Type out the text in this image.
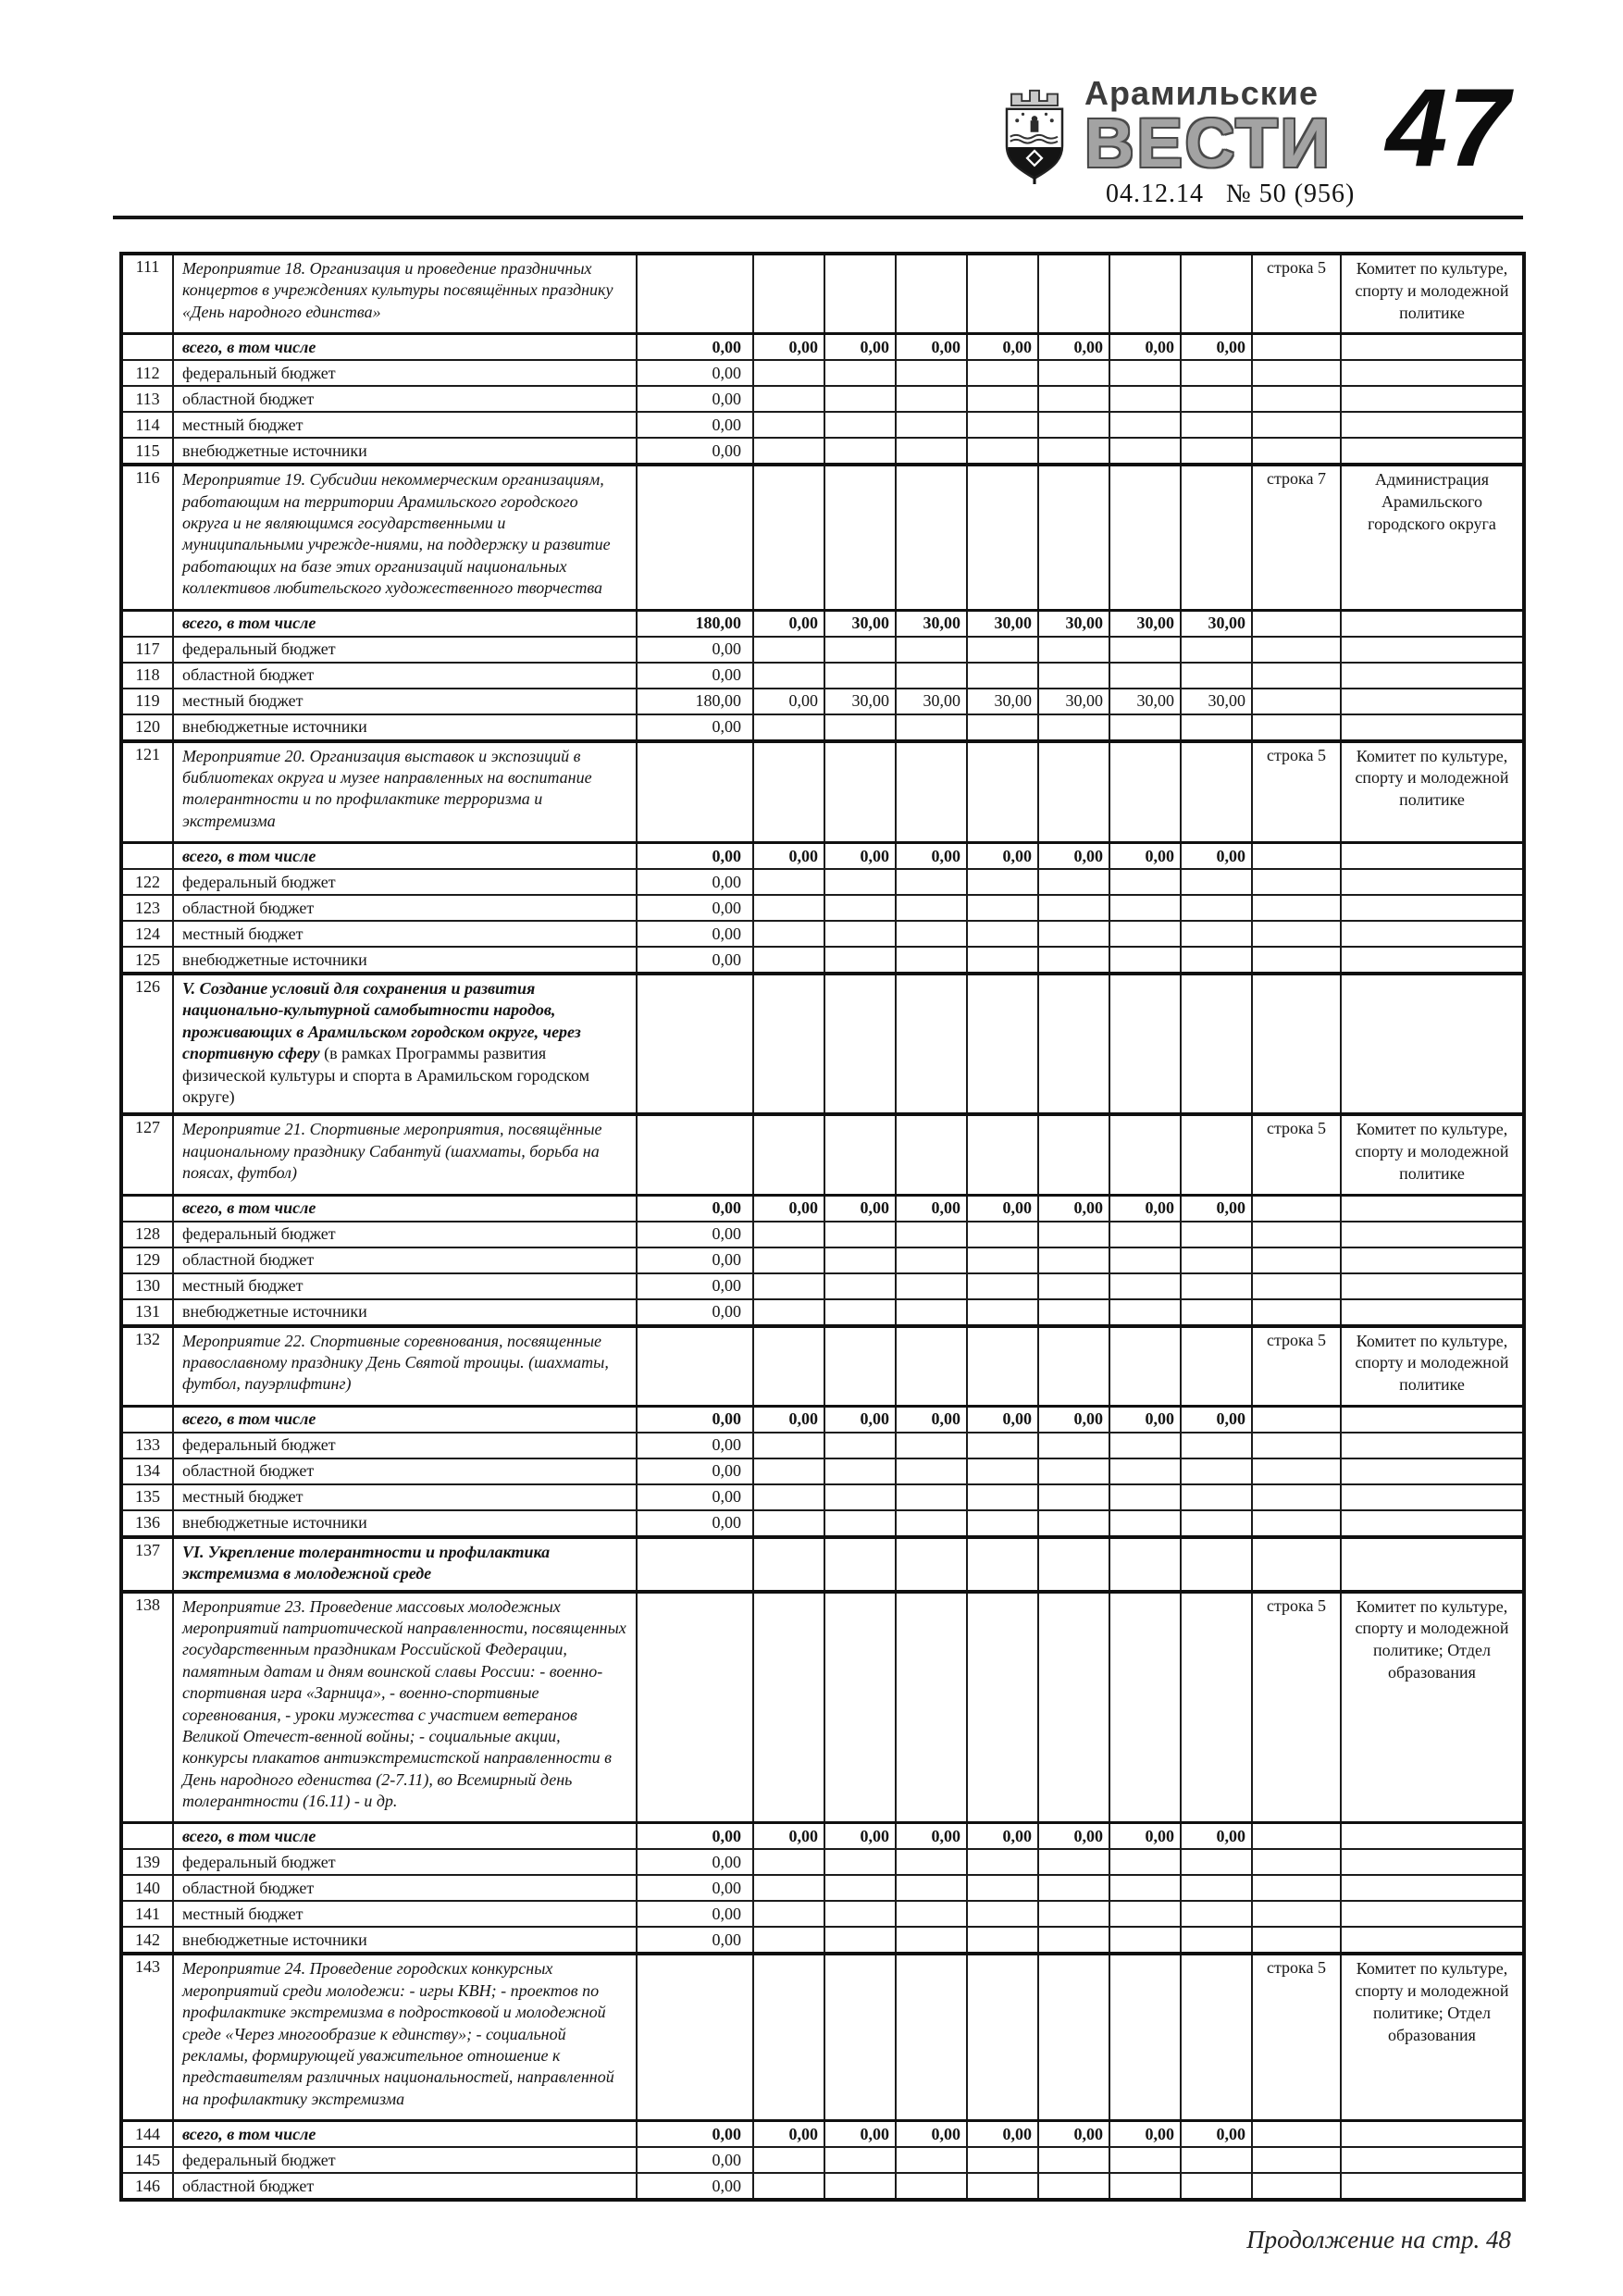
Арамильские
ВЕСТИ 47
04.12.14   № 50 (956)
111	Мероприятие 18. Организация и проведение праздничных концертов в учреждениях культуры посвящённых празднику «День народного единства»									строка 5	Комитет по культуре, спорту и молодежной политике
	всего, в том числе	0,00	0,00	0,00	0,00	0,00	0,00	0,00	0,00		
112	федеральный бюджет	0,00									
113	областной бюджет	0,00									
114	местный бюджет	0,00									
115	внебюджетные источники	0,00									
116	Мероприятие 19. Субсидии некоммерческим организациям, работающим на территории Арамильского городского округа и не являющимся государственными и муниципальными учрежде-ниями, на поддержку и развитие работающих на базе этих организаций национальных коллективов любительского художественного творчества									строка 7	Администрация Арамильского городского округа
	всего, в том числе	180,00	0,00	30,00	30,00	30,00	30,00	30,00	30,00		
117	федеральный бюджет	0,00									
118	областной бюджет	0,00									
119	местный бюджет	180,00	0,00	30,00	30,00	30,00	30,00	30,00	30,00		
120	внебюджетные источники	0,00									
121	Мероприятие 20. Организация выставок и экспозиций в библиотеках округа и музее направленных на воспитание толерантности и по профилактике терроризма и экстремизма									строка 5	Комитет по культуре, спорту и молодежной политике
	всего, в том числе	0,00	0,00	0,00	0,00	0,00	0,00	0,00	0,00		
122	федеральный бюджет	0,00									
123	областной бюджет	0,00									
124	местный бюджет	0,00									
125	внебюджетные источники	0,00									
126	V. Создание условий для сохранения и развития национально-культурной самобытности народов, проживающих в Арамильском городском округе, через спортивную сферу (в рамках Программы развития физической культуры и спорта в Арамильском городском округе)										
127	Мероприятие 21. Спортивные мероприятия, посвящённые национальному празднику Сабантуй (шахматы, борьба на поясах, футбол)									строка 5	Комитет по культуре, спорту и молодежной политике
	всего, в том числе	0,00	0,00	0,00	0,00	0,00	0,00	0,00	0,00		
128	федеральный бюджет	0,00									
129	областной бюджет	0,00									
130	местный бюджет	0,00									
131	внебюджетные источники	0,00									
132	Мероприятие 22. Спортивные соревнования, посвященные православному празднику День Святой троицы. (шахматы, футбол, пауэрлифтинг)									строка 5	Комитет по культуре, спорту и молодежной политике
	всего, в том числе	0,00	0,00	0,00	0,00	0,00	0,00	0,00	0,00		
133	федеральный бюджет	0,00									
134	областной бюджет	0,00									
135	местный бюджет	0,00									
136	внебюджетные источники	0,00									
137	VI. Укрепление толерантности и профилактика экстремизма в молодежной среде										
138	Мероприятие 23. Проведение массовых молодежных мероприятий патриотической направленности, посвященных государственным праздникам Российской Федерации, памятным датам и дням воинской славы России: - военно-спортивная игра «Зарница», - военно-спортивные соревнования, - уроки мужества с участием ветеранов Великой Отечест-венной войны; - социальные акции, конкурсы плакатов антиэкстремистской направленности в День народного едениства (2-7.11), во Всемирный день толерантности (16.11) - и др.									строка 5	Комитет по культуре, спорту и молодежной политике; Отдел образования
	всего, в том числе	0,00	0,00	0,00	0,00	0,00	0,00	0,00	0,00		
139	федеральный бюджет	0,00									
140	областной бюджет	0,00									
141	местный бюджет	0,00									
142	внебюджетные источники	0,00									
143	Мероприятие 24. Проведение городских конкурсных мероприятий среди молодежи: - игры КВН; - проектов по профилактике экстремизма в подростковой и молодежной среде «Через многообразие к единству»; - социальной рекламы, формирующей уважительное отношение к представителям различных национальностей, направленной на профилактику экстремизма									строка 5	Комитет по культуре, спорту и молодежной политике; Отдел образования
144	всего, в том числе	0,00	0,00	0,00	0,00	0,00	0,00	0,00	0,00		
145	федеральный бюджет	0,00									
146	областной бюджет	0,00									
Продолжение на стр. 48
